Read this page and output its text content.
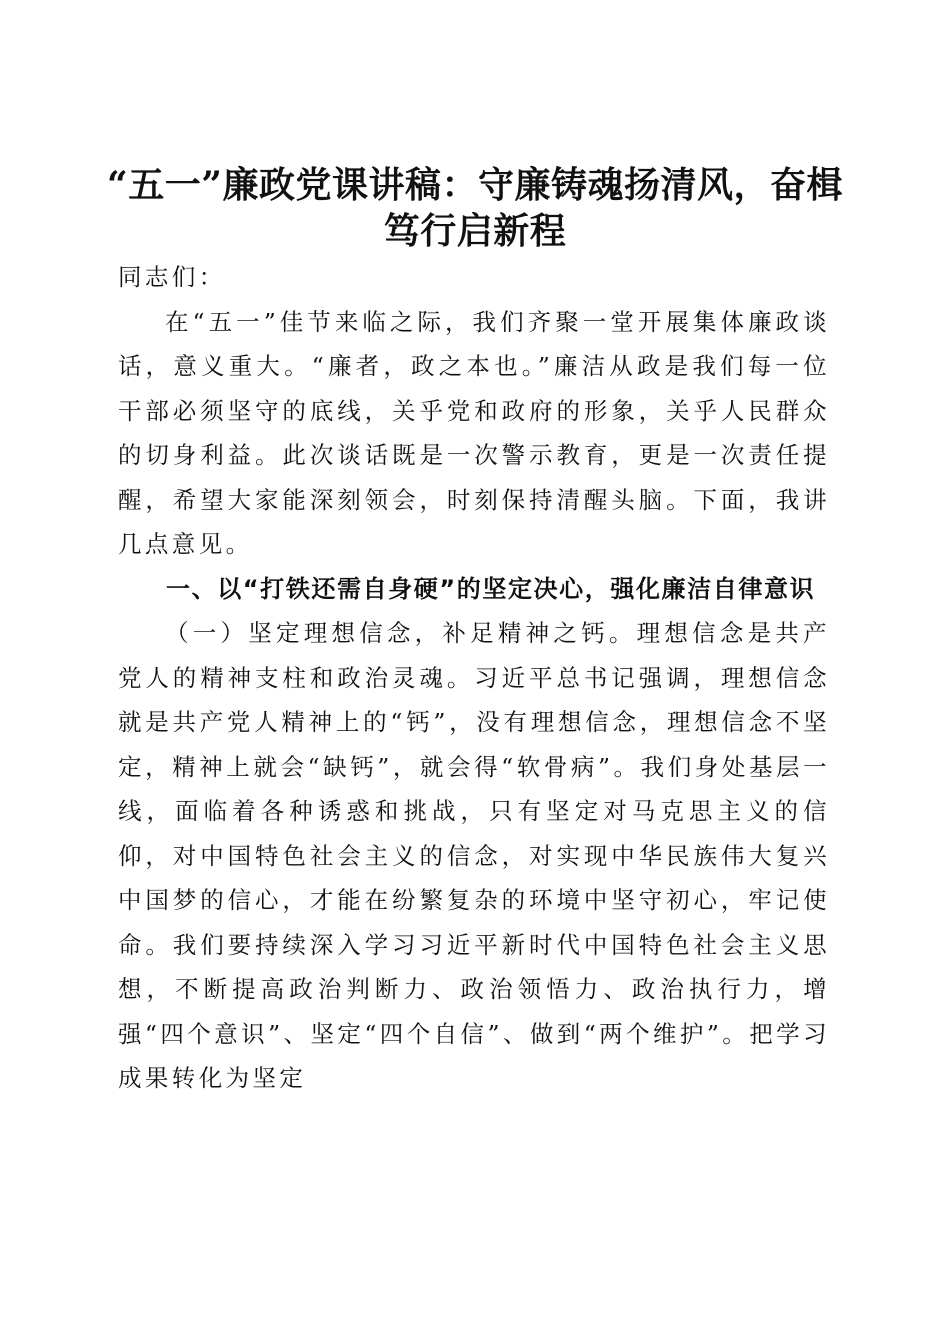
“五一”廉政党课讲稿：守廉铸魂扬清风，奋楫笃行启新程

同志们：

在“五一”佳节来临之际，我们齐聚一堂开展集体廉政谈话，意义重大。“廉者，政之本也。”廉洁从政是我们每一位干部必须坚守的底线，关乎党和政府的形象，关乎人民群众的切身利益。此次谈话既是一次警示教育，更是一次责任提醒，希望大家能深刻领会，时刻保持清醒头脑。下面，我讲几点意见。

一、以“打铁还需自身硬”的坚定决心，强化廉洁自律意识

（一）坚定理想信念，补足精神之钙。理想信念是共产党人的精神支柱和政治灵魂。习近平总书记强调，理想信念就是共产党人精神上的“钙”，没有理想信念，理想信念不坚定，精神上就会“缺钙”，就会得“软骨病”。我们身处基层一线，面临着各种诱惑和挑战，只有坚定对马克思主义的信仰，对中国特色社会主义的信念，对实现中华民族伟大复兴中国梦的信心，才能在纷繁复杂的环境中坚守初心，牢记使命。我们要持续深入学习习近平新时代中国特色社会主义思想，不断提高政治判断力、政治领悟力、政治执行力，增强“四个意识”、坚定“四个自信”、做到“两个维护”。把学习成果转化为坚定
